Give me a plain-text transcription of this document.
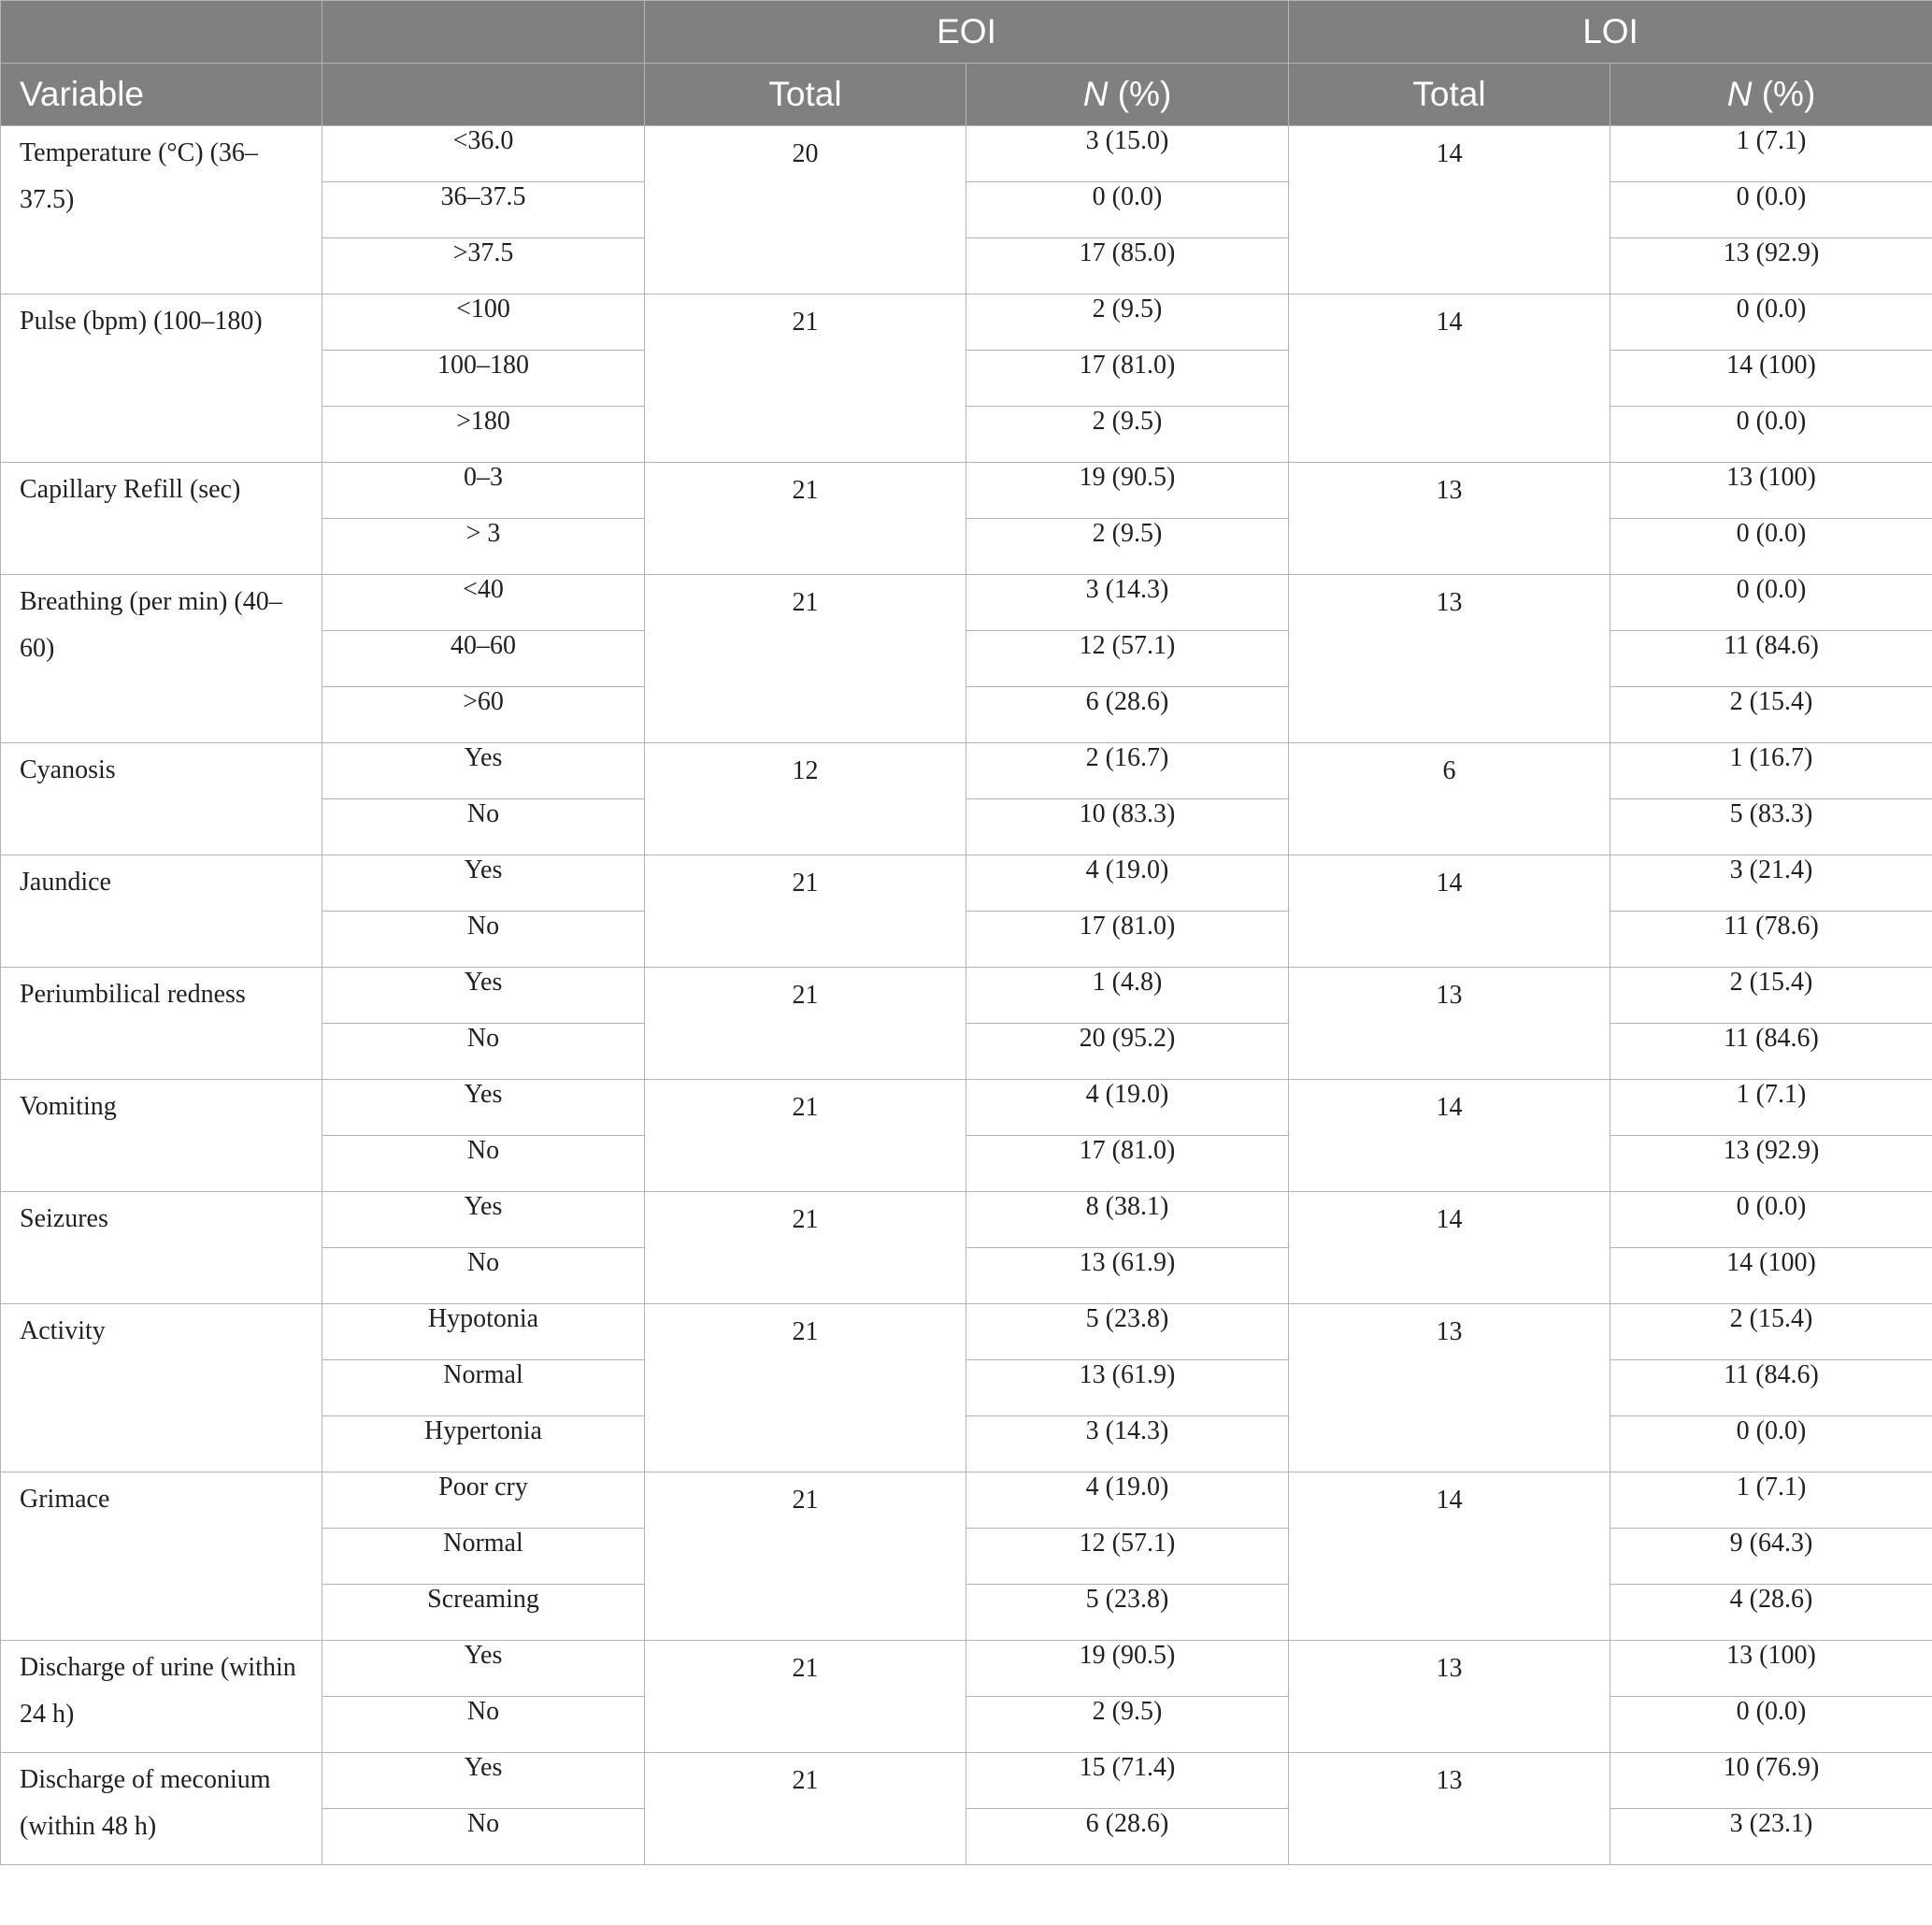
		EOI		LOI	
Variable		Total	N (%)	Total	N (%)
Temperature (°C) (36–37.5)	<36.0	20	3 (15.0)	14	1 (7.1)
	36–37.5		0 (0.0)		0 (0.0)
	>37.5		17 (85.0)		13 (92.9)
Pulse (bpm) (100–180)	<100	21	2 (9.5)	14	0 (0.0)
	100–180		17 (81.0)		14 (100)
	>180		2 (9.5)		0 (0.0)
Capillary Refill (sec)	0–3	21	19 (90.5)	13	13 (100)
	> 3		2 (9.5)		0 (0.0)
Breathing (per min) (40–60)	<40	21	3 (14.3)	13	0 (0.0)
	40–60		12 (57.1)		11 (84.6)
	>60		6 (28.6)		2 (15.4)
Cyanosis	Yes	12	2 (16.7)	6	1 (16.7)
	No		10 (83.3)		5 (83.3)
Jaundice	Yes	21	4 (19.0)	14	3 (21.4)
	No		17 (81.0)		11 (78.6)
Periumbilical redness	Yes	21	1 (4.8)	13	2 (15.4)
	No		20 (95.2)		11 (84.6)
Vomiting	Yes	21	4 (19.0)	14	1 (7.1)
	No		17 (81.0)		13 (92.9)
Seizures	Yes	21	8 (38.1)	14	0 (0.0)
	No		13 (61.9)		14 (100)
Activity	Hypotonia	21	5 (23.8)	13	2 (15.4)
	Normal		13 (61.9)		11 (84.6)
	Hypertonia		3 (14.3)		0 (0.0)
Grimace	Poor cry	21	4 (19.0)	14	1 (7.1)
	Normal		12 (57.1)		9 (64.3)
	Screaming		5 (23.8)		4 (28.6)
Discharge of urine (within 24 h)	Yes	21	19 (90.5)	13	13 (100)
	No		2 (9.5)		0 (0.0)
Discharge of meconium (within 48 h)	Yes	21	15 (71.4)	13	10 (76.9)
	No		6 (28.6)		3 (23.1)
